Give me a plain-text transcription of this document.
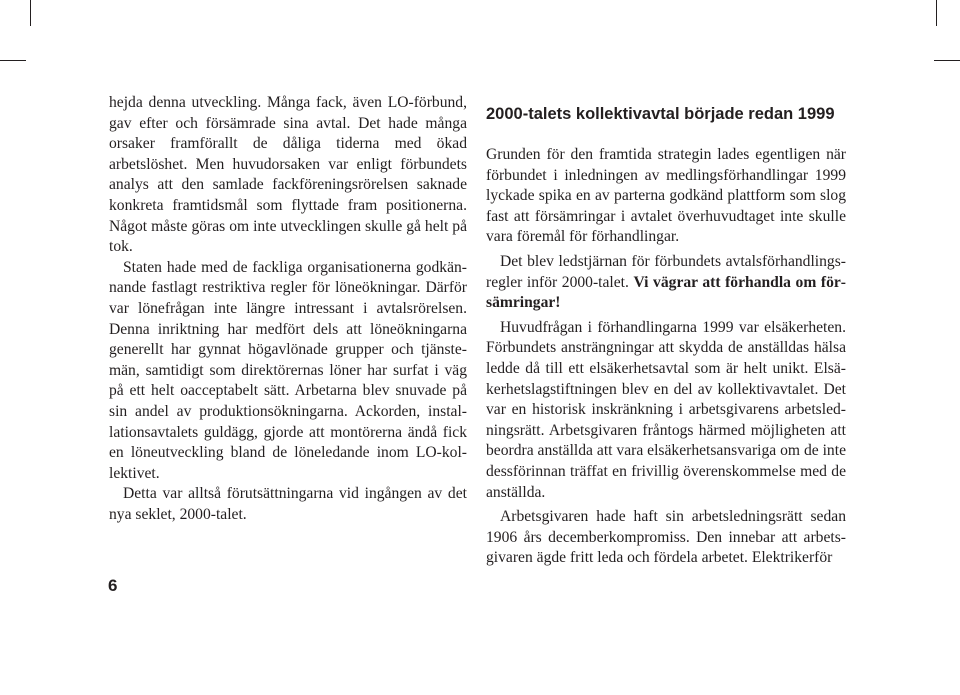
hejda denna utveckling. Många fack, även LO-förbund, gav efter och försämrade sina avtal. Det hade många orsaker framförallt de dåliga tiderna med ökad arbetslöshet. Men huvudorsaken var enligt förbundets analys att den samlade fackföreningsrörelsen saknade konkreta framtidsmål som flyttade fram positionerna. Något måste göras om inte utvecklingen skulle gå helt på tok.

Staten hade med de fackliga organisationerna godkännande fastlagt restriktiva regler för löneökningar. Därför var lönefrågan inte längre intressant i avtalsrörelsen. Denna inriktning har medfört dels att löneökningarna generellt har gynnat högavlönade grupper och tjänstemän, samtidigt som direktörernas löner har surfat i väg på ett helt oacceptabelt sätt. Arbetarna blev snuvade på sin andel av produktionsökningarna. Ackorden, installationsavtalets guldägg, gjorde att montörerna ändå fick en löneutveckling bland de löneledande inom LO-kollektivet.

Detta var alltså förutsättningarna vid ingången av det nya seklet, 2000-talet.

2000-talets kollektivavtal började redan 1999

Grunden för den framtida strategin lades egentligen när förbundet i inledningen av medlingsförhandlingar 1999 lyckade spika en av parterna godkänd plattform som slog fast att försämringar i avtalet överhuvudtaget inte skulle vara föremål för förhandlingar.

Det blev ledstjärnan för förbundets avtalsförhandlingsregler inför 2000-talet. Vi vägrar att förhandla om försämringar!

Huvudfrågan i förhandlingarna 1999 var elsäkerheten. Förbundets ansträngningar att skydda de anställdas hälsa ledde då till ett elsäkerhetsavtal som är helt unikt. Elsäkerhetslagstiftningen blev en del av kollektivavtalet. Det var en historisk inskränkning i arbetsgivarens arbetsledningsrätt. Arbetsgivaren fråntogs härmed möjligheten att beordra anställda att vara elsäkerhetsansvariga om de inte dessförinnan träffat en frivillig överenskommelse med de anställda.

Arbetsgivaren hade haft sin arbetsledningsrätt sedan 1906 års decemberkompromiss. Den innebar att arbetsgivaren ägde fritt leda och fördela arbetet. Elektrikerför

6
